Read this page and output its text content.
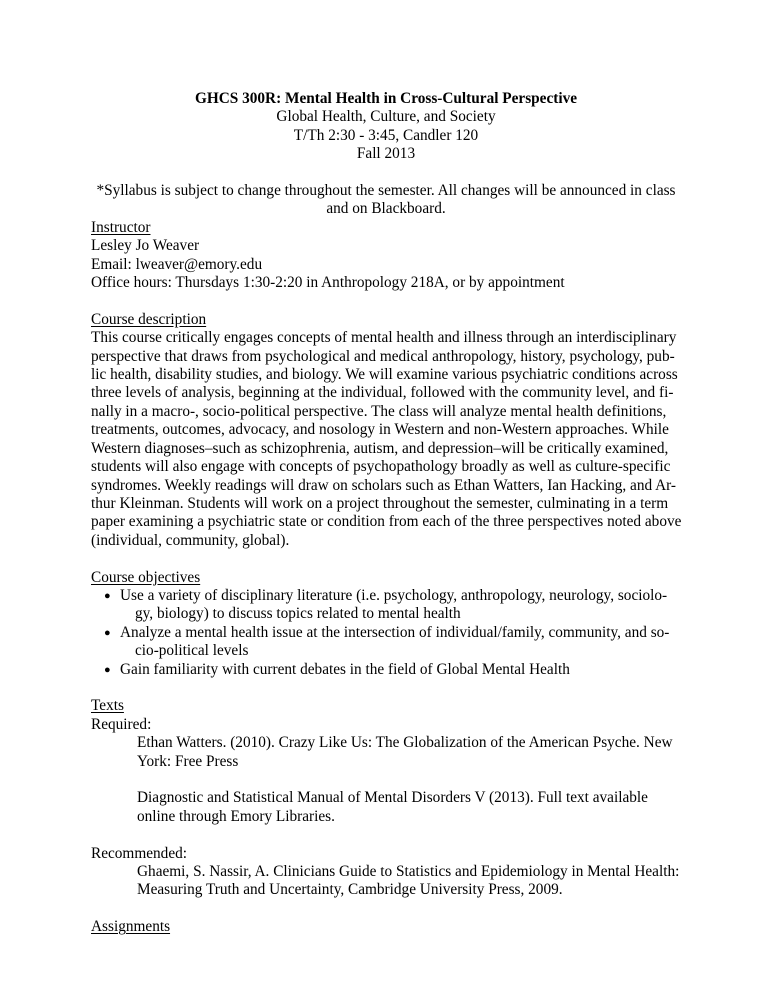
GHCS 300R: Mental Health in Cross-Cultural Perspective
Global Health, Culture, and Society
T/Th 2:30 - 3:45, Candler 120
Fall 2013
*Syllabus is subject to change throughout the semester. All changes will be announced in class
and on Blackboard.
Instructor
Lesley Jo Weaver
Email: lweaver@emory.edu
Office hours: Thursdays 1:30-2:20 in Anthropology 218A, or by appointment
Course description
This course critically engages concepts of mental health and illness through an interdisciplinary
perspective that draws from psychological and medical anthropology, history, psychology, pub-
lic health, disability studies, and biology. We will examine various psychiatric conditions across
three levels of analysis, beginning at the individual, followed with the community level, and fi-
nally in a macro-, socio-political perspective. The class will analyze mental health definitions,
treatments, outcomes, advocacy, and nosology in Western and non-Western approaches. While
Western diagnoses–such as schizophrenia, autism, and depression–will be critically examined,
students will also engage with concepts of psychopathology broadly as well as culture-specific
syndromes. Weekly readings will draw on scholars such as Ethan Watters, Ian Hacking, and Ar-
thur Kleinman. Students will work on a project throughout the semester, culminating in a term
paper examining a psychiatric state or condition from each of the three perspectives noted above
(individual, community, global).
Course objectives
● Use a variety of disciplinary literature (i.e. psychology, anthropology, neurology, sociolo-
gy, biology) to discuss topics related to mental health
● Analyze a mental health issue at the intersection of individual/family, community, and so-
cio-political levels
● Gain familiarity with current debates in the field of Global Mental Health
Texts
Required:
Ethan Watters. (2010). Crazy Like Us: The Globalization of the American Psyche. New
York: Free Press
Diagnostic and Statistical Manual of Mental Disorders V (2013). Full text available
online through Emory Libraries.
Recommended:
Ghaemi, S. Nassir, A. Clinicians Guide to Statistics and Epidemiology in Mental Health:
Measuring Truth and Uncertainty, Cambridge University Press, 2009.
Assignments
